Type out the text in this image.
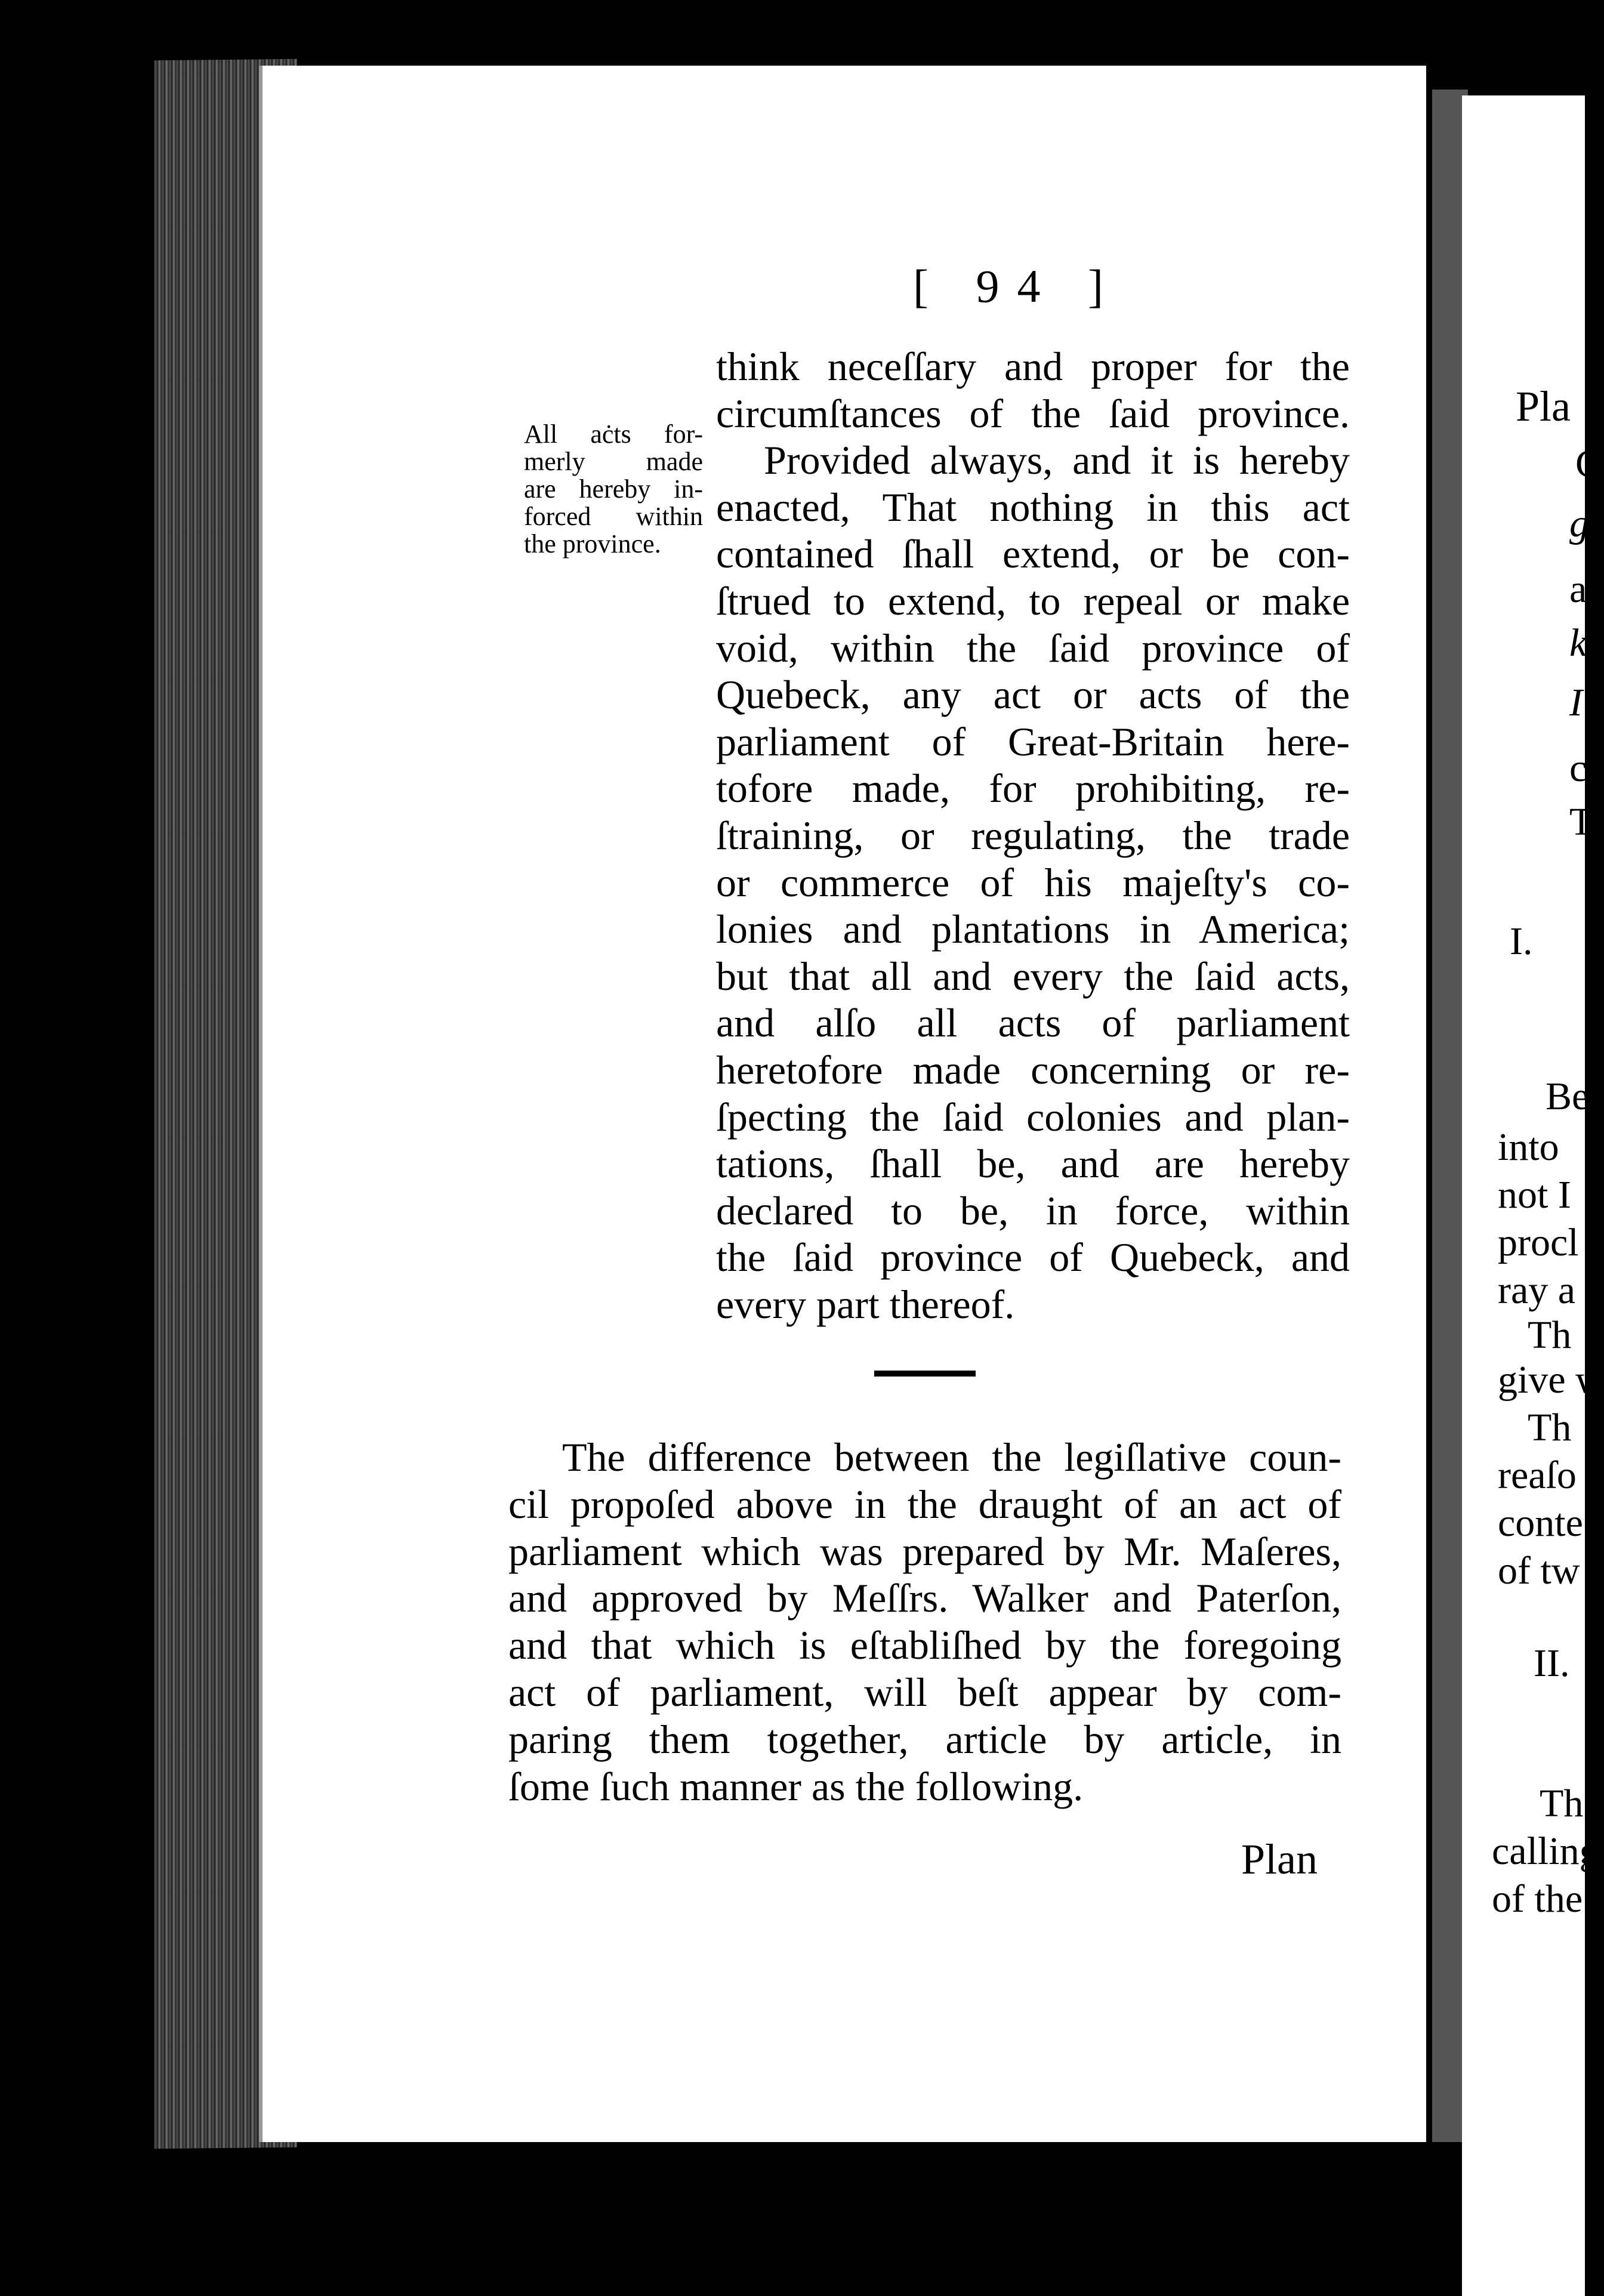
Pla
C
g
a
k
I
c
T
I.
Be
into
not I
procl
ray a
Th
give w
Th
reaſo
conte
of tw
II.
Th
calling
of the
[ 94 ]
All aċts for-
merly made
are hereby in-
forced within
the province.
think neceſſary and proper for the
circumſtances of the ſaid province.
Provided always, and it is hereby
enacted, That nothing in this act
contained ſhall extend, or be con-
ſtrued to extend, to repeal or make
void, within the ſaid province of
Quebeck, any act or acts of the
parliament of Great-Britain here-
tofore made, for prohibiting, re-
ſtraining, or regulating, the trade
or commerce of his majeſty's co-
lonies and plantations in America;
but that all and every the ſaid acts,
and alſo all acts of parliament
heretofore made concerning or re-
ſpecting the ſaid colonies and plan-
tations, ſhall be, and are hereby
declared to be, in force, within
the ſaid province of Quebeck, and
every part thereof.
The difference between the legiſlative coun-
cil propoſed above in the draught of an act of
parliament which was prepared by Mr. Maſeres,
and approved by Meſſrs. Walker and Paterſon,
and that which is eſtabliſhed by the foregoing
act of parliament, will beſt appear by com-
paring them together, article by article, in
ſome ſuch manner as the following.
Plan
